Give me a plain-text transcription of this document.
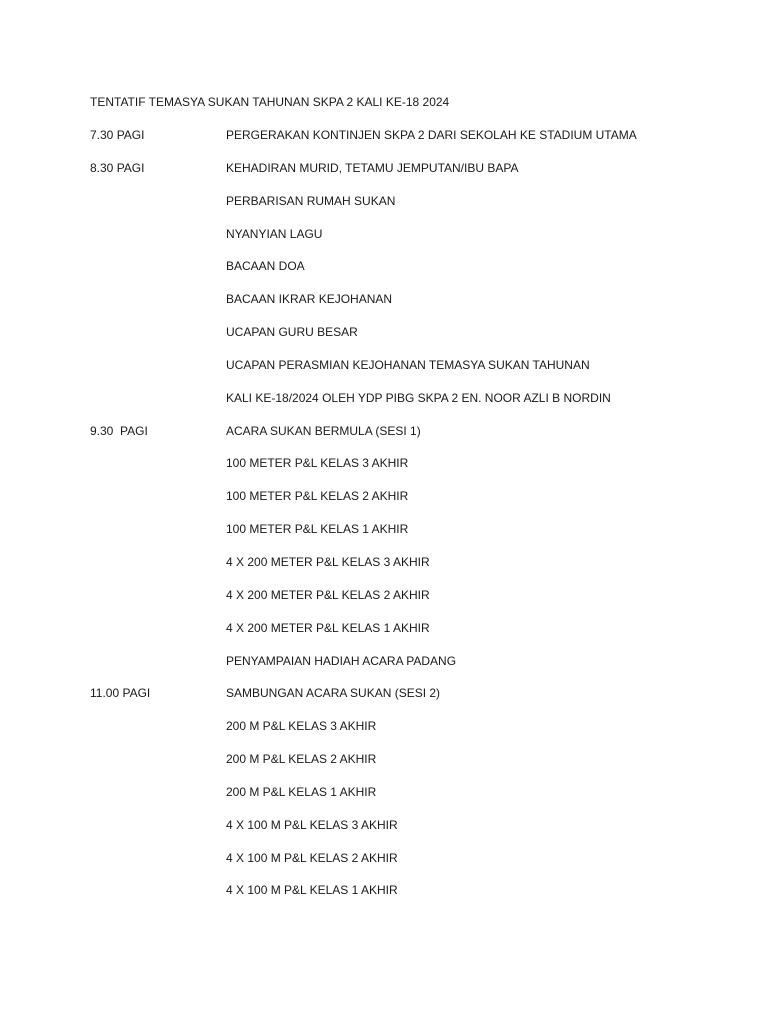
TENTATIF TEMASYA SUKAN TAHUNAN SKPA 2 KALI KE-18 2024
7.30 PAGI	PERGERAKAN KONTINJEN SKPA 2 DARI SEKOLAH KE STADIUM UTAMA
8.30 PAGI	KEHADIRAN MURID, TETAMU JEMPUTAN/IBU BAPA
PERBARISAN RUMAH SUKAN
NYANYIAN LAGU
BACAAN DOA
BACAAN IKRAR KEJOHANAN
UCAPAN GURU BESAR
UCAPAN PERASMIAN KEJOHANAN TEMASYA SUKAN TAHUNAN
KALI KE-18/2024 OLEH YDP PIBG SKPA 2 EN. NOOR AZLI B NORDIN
9.30  PAGI	ACARA SUKAN BERMULA (SESI 1)
100 METER P&L KELAS 3 AKHIR
100 METER P&L KELAS 2 AKHIR
100 METER P&L KELAS 1 AKHIR
4 X 200 METER P&L KELAS 3 AKHIR
4 X 200 METER P&L KELAS 2 AKHIR
4 X 200 METER P&L KELAS 1 AKHIR
PENYAMPAIAN HADIAH ACARA PADANG
11.00 PAGI	SAMBUNGAN ACARA SUKAN (SESI 2)
200 M P&L KELAS 3 AKHIR
200 M P&L KELAS 2 AKHIR
200 M P&L KELAS 1 AKHIR
4 X 100 M P&L KELAS 3 AKHIR
4 X 100 M P&L KELAS 2 AKHIR
4 X 100 M P&L KELAS 1 AKHIR
